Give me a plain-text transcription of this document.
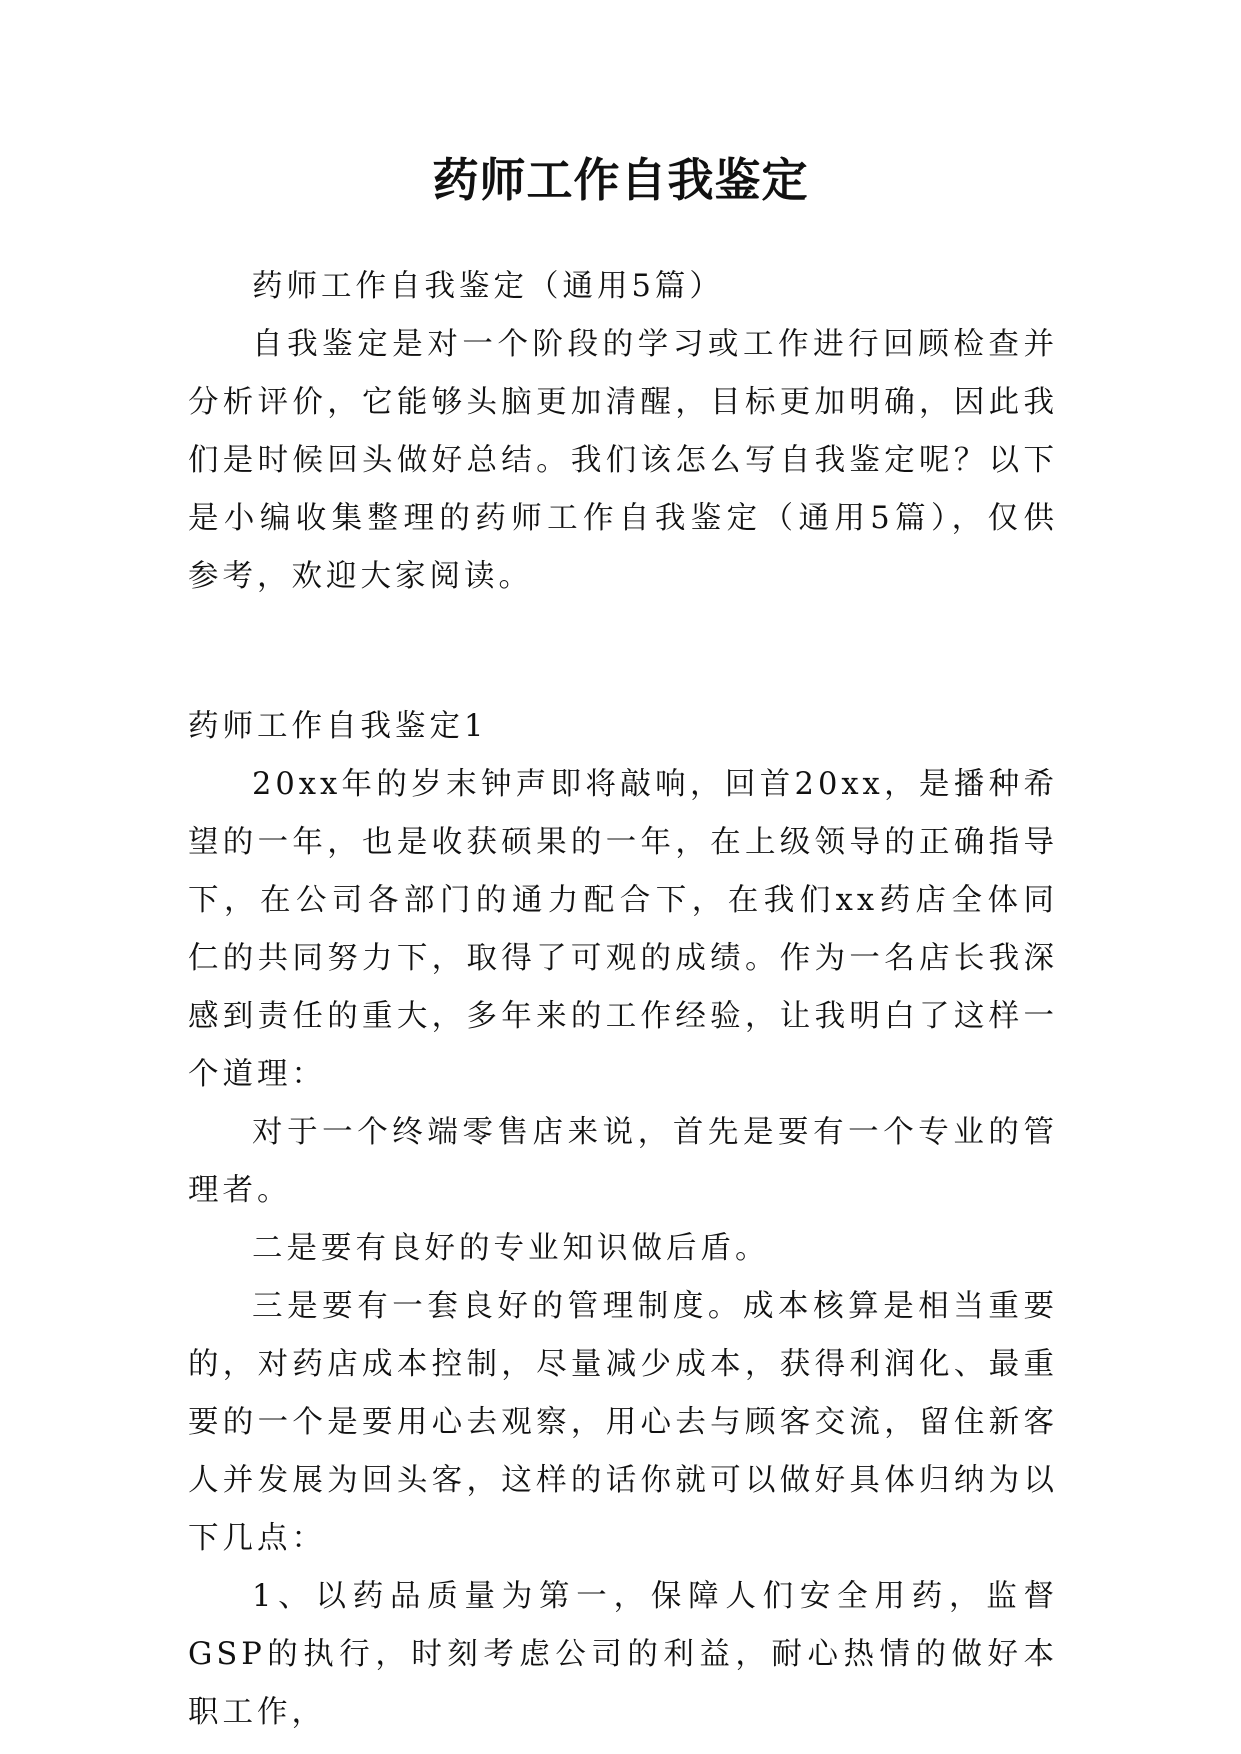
药师工作自我鉴定

药师工作自我鉴定（通用5篇）

自我鉴定是对一个阶段的学习或工作进行回顾检查并分析评价，它能够头脑更加清醒，目标更加明确，因此我们是时候回头做好总结。我们该怎么写自我鉴定呢？以下是小编收集整理的药师工作自我鉴定（通用5篇），仅供参考，欢迎大家阅读。

药师工作自我鉴定1

20xx年的岁末钟声即将敲响，回首20xx，是播种希望的一年，也是收获硕果的一年，在上级领导的正确指导下，在公司各部门的通力配合下，在我们xx药店全体同仁的共同努力下，取得了可观的成绩。作为一名店长我深感到责任的重大，多年来的工作经验，让我明白了这样一个道理：

对于一个终端零售店来说，首先是要有一个专业的管理者。

二是要有良好的专业知识做后盾。

三是要有一套良好的管理制度。成本核算是相当重要的，对药店成本控制，尽量减少成本，获得利润化、最重要的一个是要用心去观察，用心去与顾客交流，留住新客人并发展为回头客，这样的话你就可以做好具体归纳为以下几点：

1、以药品质量为第一，保障人们安全用药，监督GSP的执行，时刻考虑公司的利益，耐心热情的做好本职工作，
